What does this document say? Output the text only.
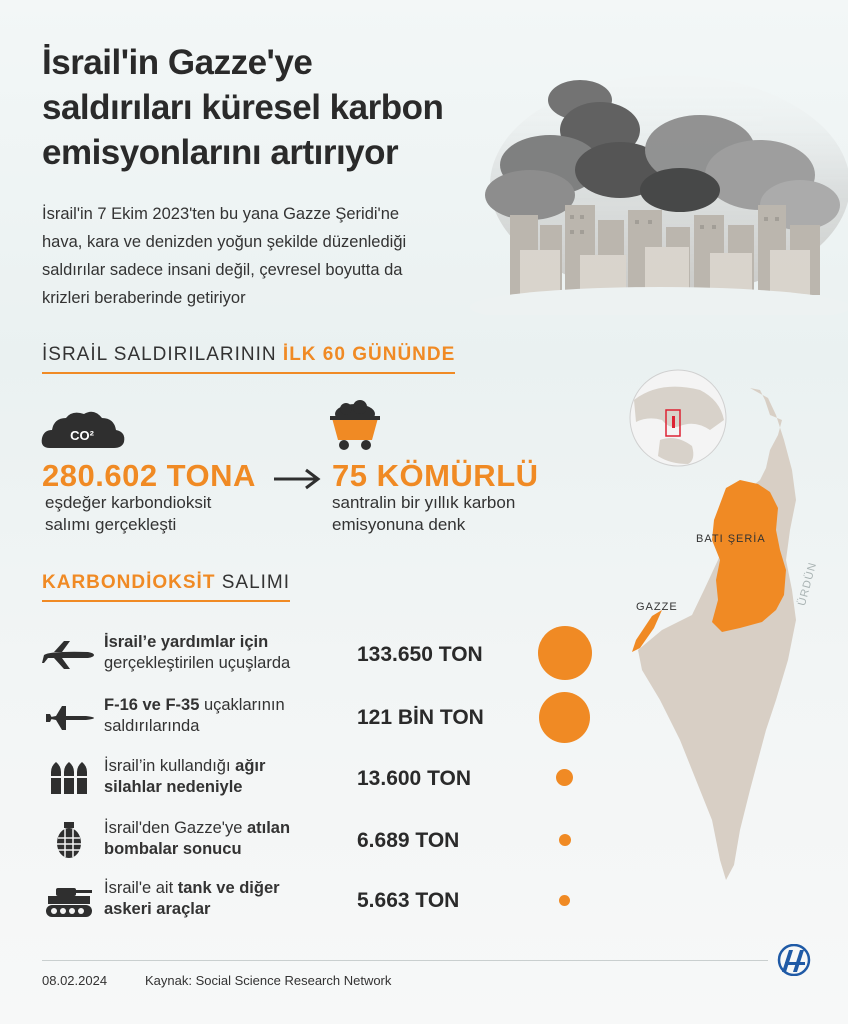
İsrail'in Gazze'ye
saldırıları küresel karbon
emisyonlarını artırıyor
İsrail'in 7 Ekim 2023'ten bu yana Gazze Şeridi'ne
hava, kara ve denizden yoğun şekilde düzenlediği
saldırılar sadece insani değil, çevresel boyutta da
krizleri beraberinde getiriyor
BATI ŞERİA
GAZZE	ÜRDÜN
İSRAİL SALDIRILARININ İLK 60 GÜNÜNDE
CO²
280.602 TONA
eşdeğer karbondioksit
salımı gerçekleşti
75 KÖMÜRLÜ
santralin bir yıllık karbon
emisyonuna denk
KARBONDİOKSİT SALIMI
İsrail’e yardımlar için
gerçekleştirilen uçuşlarda	133.650 TON
F-16 ve F-35 uçaklarının
saldırılarında	121 BİN TON
İsrail’in kullandığı ağır
silahlar nedeniyle	13.600 TON
İsrail'den Gazze'ye atılan
bombalar sonucu	6.689 TON
İsrail'e ait tank ve diğer
askeri araçlar	5.663 TON
08.02.2024	Kaynak: Social Science Research Network
